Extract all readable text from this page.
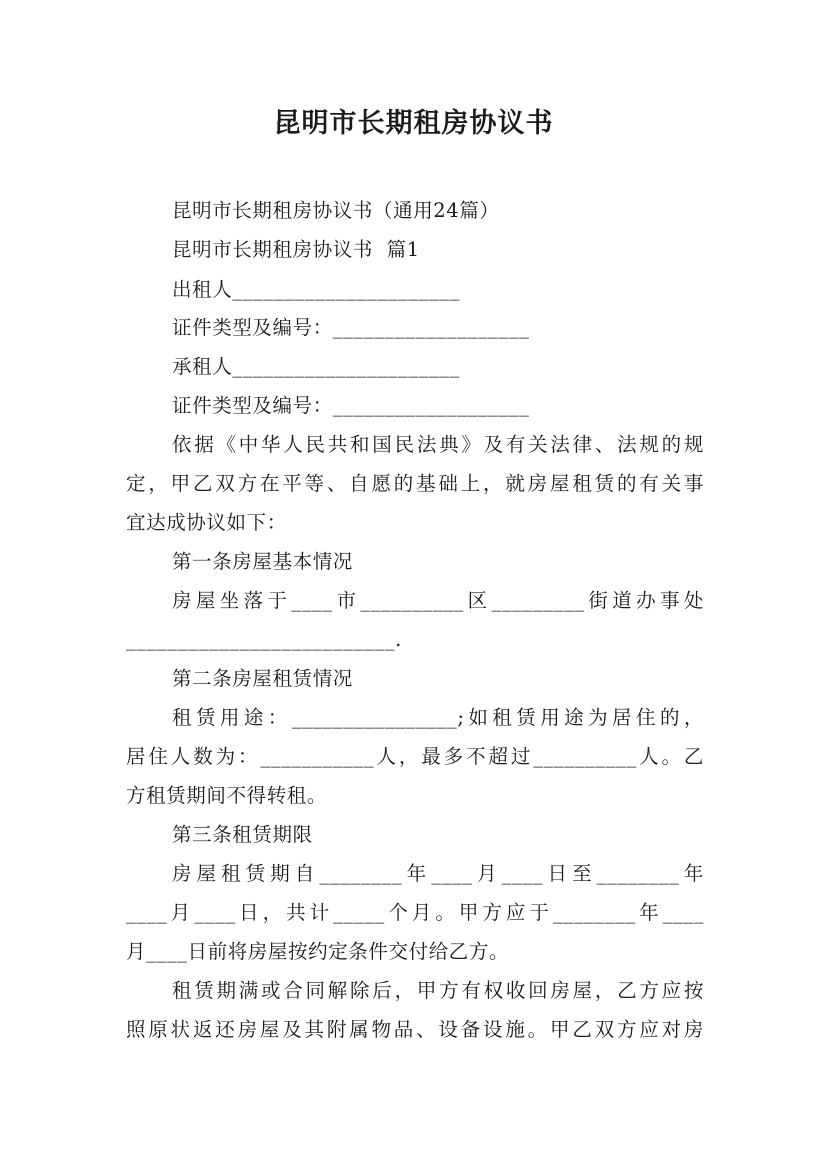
昆明市长期租房协议书
昆明市长期租房协议书（通用24篇）
昆明市长期租房协议书  篇1
出租人______________________
证件类型及编号：___________________
承租人______________________
证件类型及编号：___________________
依据《中华人民共和国民法典》及有关法律、法规的规
定，甲乙双方在平等、自愿的基础上，就房屋租赁的有关事
宜达成协议如下：
第一条房屋基本情况
房屋坐落于____市__________区_________街道办事处
__________________________.
第二条房屋租赁情况
租赁用途：________________;如租赁用途为居住的，
居住人数为：___________人，最多不超过__________人。乙
方租赁期间不得转租。
第三条租赁期限
房屋租赁期自________年____月____日至________年
____月____日，共计_____个月。甲方应于________年____
月____日前将房屋按约定条件交付给乙方。
租赁期满或合同解除后，甲方有权收回房屋，乙方应按
照原状返还房屋及其附属物品、设备设施。甲乙双方应对房
